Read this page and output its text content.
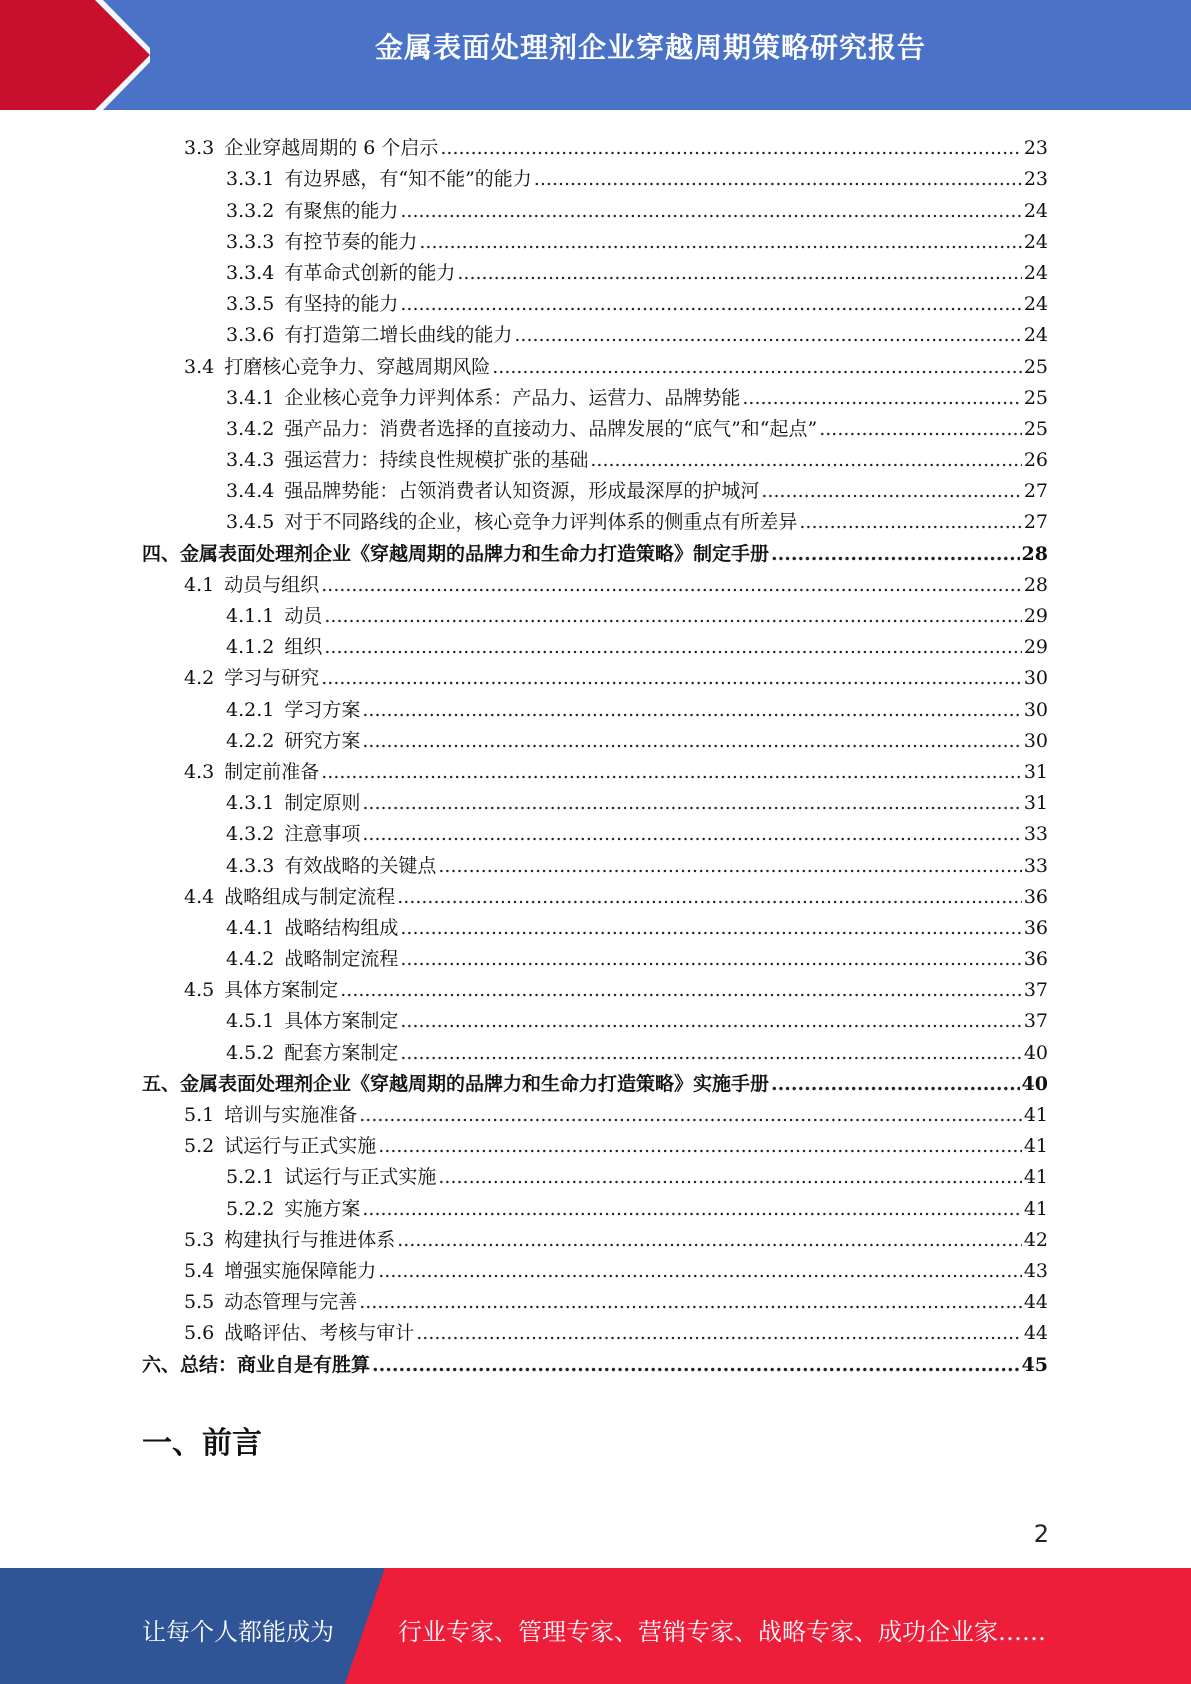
金属表面处理剂企业穿越周期策略研究报告
3.3 企业穿越周期的 6 个启示 .....	23
3.3.1 有边界感，有“知不能”的能力 .....	23
3.3.2 有聚焦的能力 .....	24
3.3.3 有控节奏的能力 .....	24
3.3.4 有革命式创新的能力 .....	24
3.3.5 有坚持的能力 .....	24
3.3.6 有打造第二增长曲线的能力 .....	24
3.4 打磨核心竞争力、穿越周期风险 .....	25
3.4.1 企业核心竞争力评判体系：产品力、运营力、品牌势能 .....	25
3.4.2 强产品力：消费者选择的直接动力、品牌发展的“底气”和“起点” .....	25
3.4.3 强运营力：持续良性规模扩张的基础 .....	26
3.4.4 强品牌势能：占领消费者认知资源，形成最深厚的护城河 .....	27
3.4.5 对于不同路线的企业，核心竞争力评判体系的侧重点有所差异 .....	27
四、金属表面处理剂企业《穿越周期的品牌力和生命力打造策略》制定手册 .....	28
4.1 动员与组织 .....	28
4.1.1 动员 .....	29
4.1.2 组织 .....	29
4.2 学习与研究 .....	30
4.2.1 学习方案 .....	30
4.2.2 研究方案 .....	30
4.3 制定前准备 .....	31
4.3.1 制定原则 .....	31
4.3.2 注意事项 .....	33
4.3.3 有效战略的关键点 .....	33
4.4 战略组成与制定流程 .....	36
4.4.1 战略结构组成 .....	36
4.4.2 战略制定流程 .....	36
4.5 具体方案制定 .....	37
4.5.1 具体方案制定 .....	37
4.5.2 配套方案制定 .....	40
五、金属表面处理剂企业《穿越周期的品牌力和生命力打造策略》实施手册 .....	40
5.1 培训与实施准备 .....	41
5.2 试运行与正式实施 .....	41
5.2.1 试运行与正式实施 .....	41
5.2.2 实施方案 .....	41
5.3 构建执行与推进体系 .....	42
5.4 增强实施保障能力 .....	43
5.5 动态管理与完善 .....	44
5.6 战略评估、考核与审计 .....	44
六、总结：商业自是有胜算 .....	45
一、前言
2
让每个人都能成为	行业专家、管理专家、营销专家、战略专家、成功企业家……
